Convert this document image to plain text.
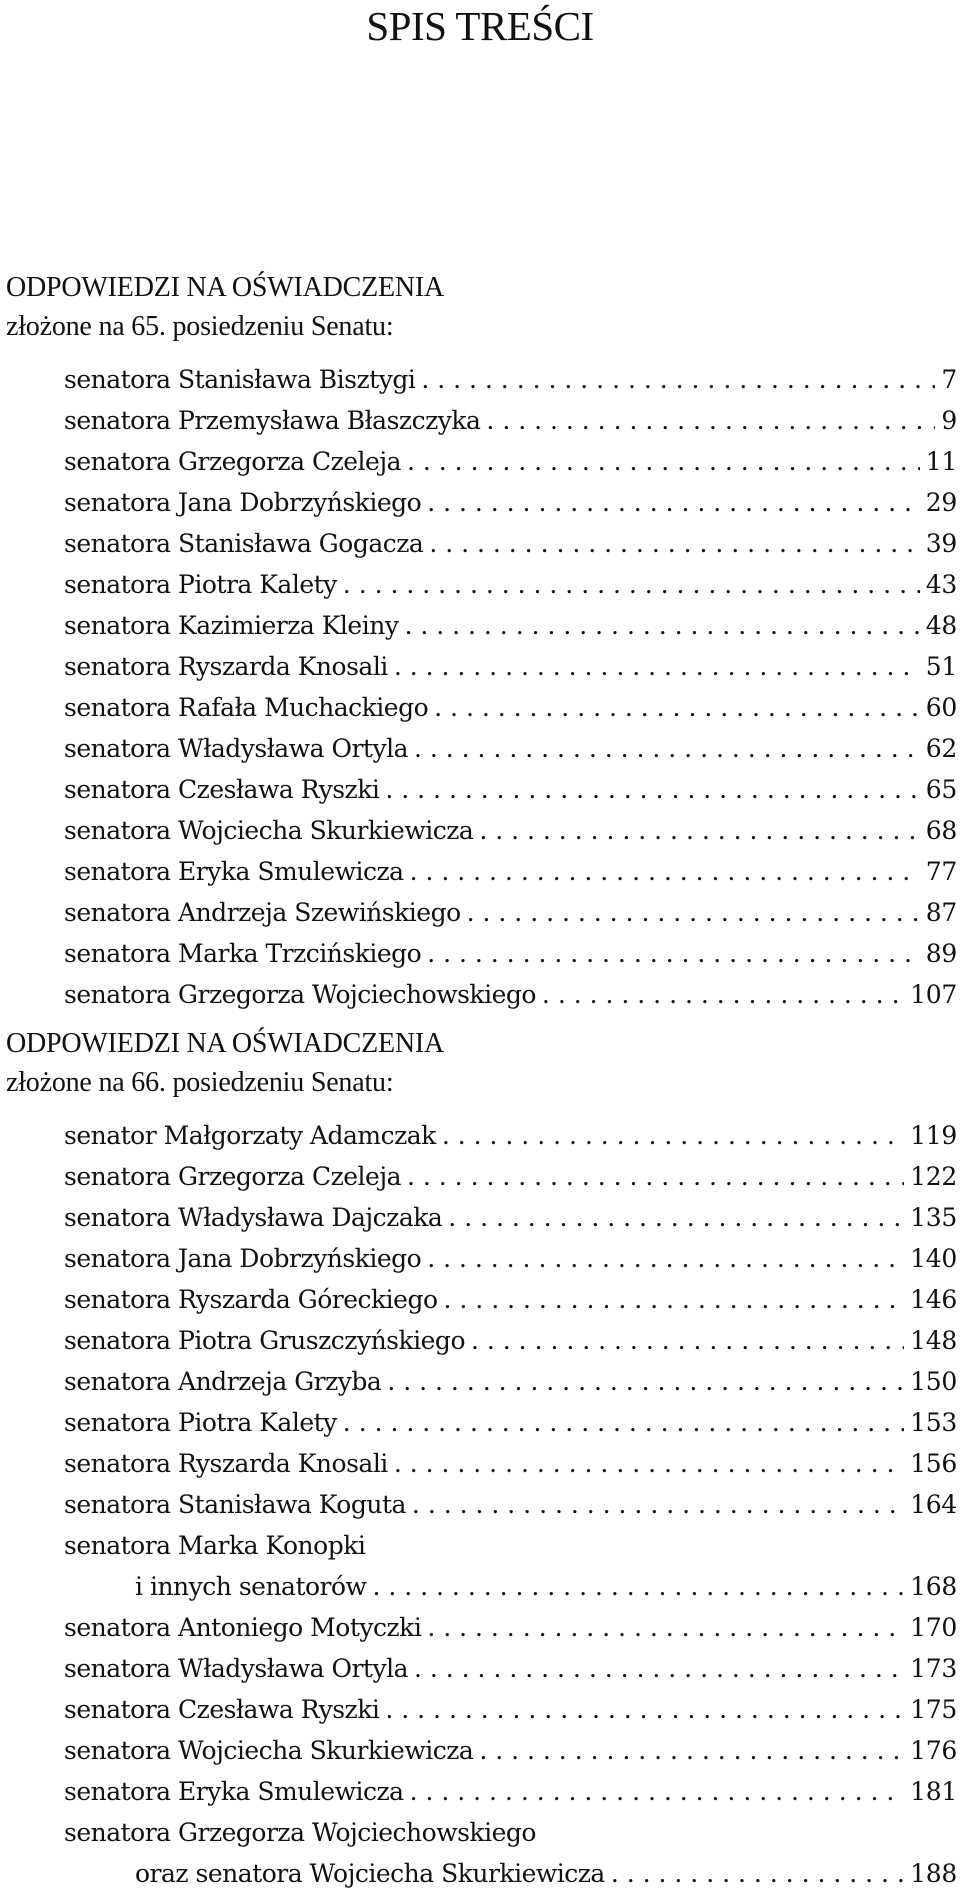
SPIS TREŚCI
ODPOWIEDZI NA OŚWIADCZENIA
złożone na 65. posiedzeniu Senatu:
senatora Stanisława Bisztygi . . .	7
senatora Przemysława Błaszczyka . . .	9
senatora Grzegorza Czeleja . . .	11
senatora Jana Dobrzyńskiego . . .	29
senatora Stanisława Gogacza . . .	39
senatora Piotra Kalety . . .	43
senatora Kazimierza Kleiny . . .	48
senatora Ryszarda Knosali . . .	51
senatora Rafała Muchackiego . . .	60
senatora Władysława Ortyla . . .	62
senatora Czesława Ryszki . . .	65
senatora Wojciecha Skurkiewicza . . .	68
senatora Eryka Smulewicza . . .	77
senatora Andrzeja Szewińskiego . . .	87
senatora Marka Trzcińskiego . . .	89
senatora Grzegorza Wojciechowskiego . . .	107
ODPOWIEDZI NA OŚWIADCZENIA
złożone na 66. posiedzeniu Senatu:
senator Małgorzaty Adamczak . . .	119
senatora Grzegorza Czeleja . . .	122
senatora Władysława Dajczaka . . .	135
senatora Jana Dobrzyńskiego . . .	140
senatora Ryszarda Góreckiego . . .	146
senatora Piotra Gruszczyńskiego . . .	148
senatora Andrzeja Grzyba . . .	150
senatora Piotra Kalety . . .	153
senatora Ryszarda Knosali . . .	156
senatora Stanisława Koguta . . .	164
senatora Marka Konopki
i innych senatorów . . .	168
senatora Antoniego Motyczki . . .	170
senatora Władysława Ortyla . . .	173
senatora Czesława Ryszki . . .	175
senatora Wojciecha Skurkiewicza . . .	176
senatora Eryka Smulewicza . . .	181
senatora Grzegorza Wojciechowskiego
oraz senatora Wojciecha Skurkiewicza . . .	188
